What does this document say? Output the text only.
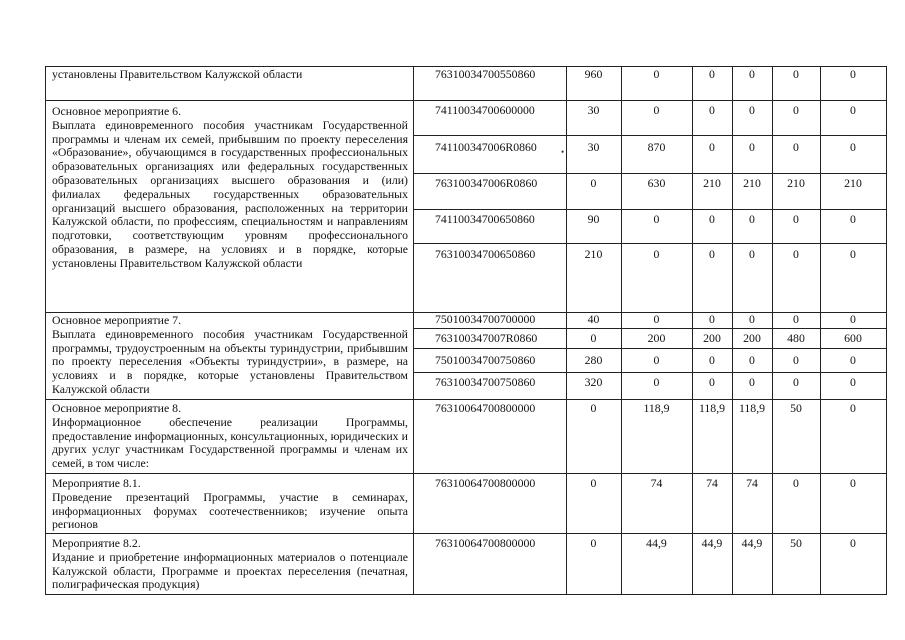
установлены Правительством Калужской области	76310034700550860	960	0	0	0	0	0
Основное мероприятие 6.
Выплата единовременного пособия участникам Государственной программы и членам их семей, прибывшим по проекту переселения «Образование», обучающимся в государственных профессиональных образовательных организациях или федеральных государственных образовательных организациях высшего образования и (или) филиалах федеральных государственных образовательных организаций высшего образования, расположенных на территории Калужской области, по профессиям, специальностям и направлениям подготовки, соответствующим уровням профессионального образования, в размере, на условиях и в порядке, которые установлены Правительством Калужской области
74110034700600000	30	0	0	0	0	0
741100347006R0860	•	30	870	0	0	0	0
763100347006R0860	0	630	210	210	210	210
74110034700650860	90	0	0	0	0	0
76310034700650860	210	0	0	0	0	0
Основное мероприятие 7.
Выплата единовременного пособия участникам Государственной программы, трудоустроенным на объекты туриндустрии, прибывшим по проекту переселения «Объекты туриндустрии», в размере, на условиях и в порядке, которые установлены Правительством Калужской области
75010034700700000	40	0	0	0	0	0
763100347007R0860	0	200	200	200	480	600
75010034700750860	280	0	0	0	0	0
76310034700750860	320	0	0	0	0	0
Основное мероприятие 8.
Информационное обеспечение реализации Программы, предоставление информационных, консультационных, юридических и других услуг участникам Государственной программы и членам их семей, в том числе:
76310064700800000	0	118,9	118,9	118,9	50	0
Мероприятие 8.1.
Проведение презентаций Программы, участие в семинарах, информационных форумах соотечественников; изучение опыта регионов
76310064700800000	0	74	74	74	0	0
Мероприятие 8.2.
Издание и приобретение информационных материалов о потенциале Калужской области, Программе и проектах переселения (печатная, полиграфическая продукция)
76310064700800000	0	44,9	44,9	44,9	50	0
